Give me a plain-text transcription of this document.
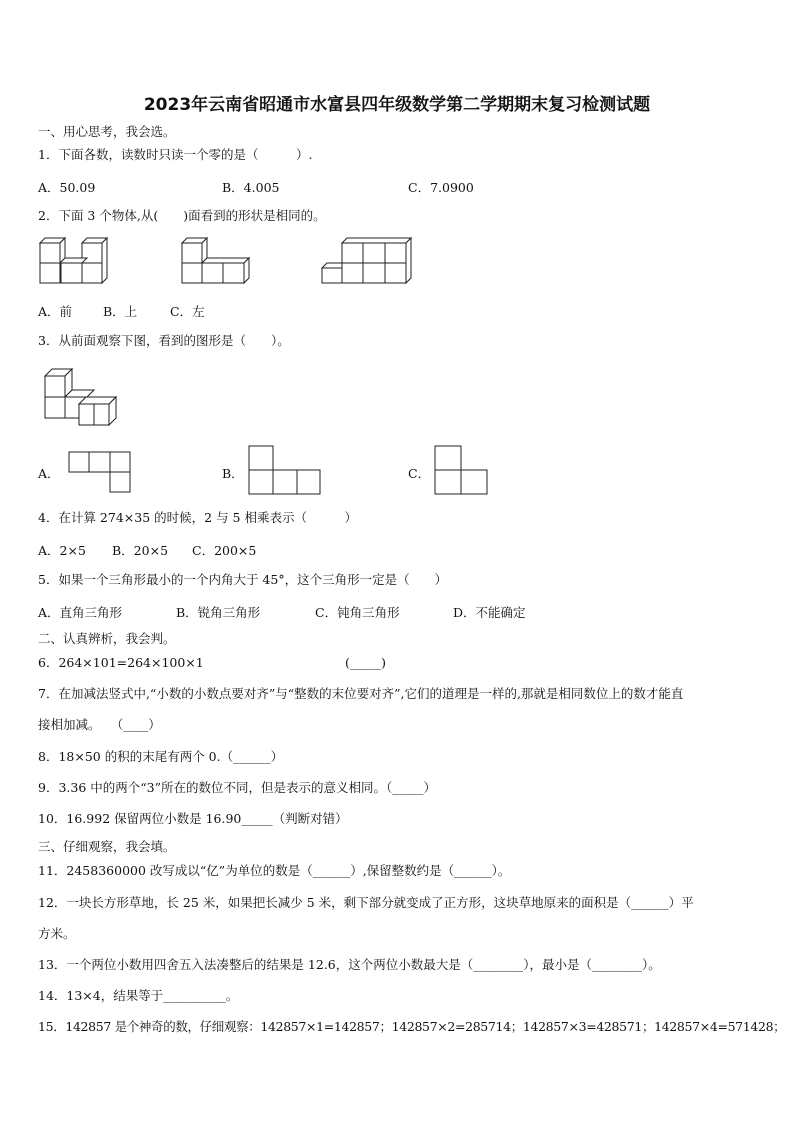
2023年云南省昭通市水富县四年级数学第二学期期末复习检测试题
一、用心思考，我会选。
1．下面各数，读数时只读一个零的是（　　　）.
A．50.09	B．4.005	C．7.0900
2．下面 3 个物体,从(　　)面看到的形状是相同的。
A．前 B．上	C．左
3．从前面观察下图，看到的图形是（　　）。
A．	B．	C．
4．在计算 274×35 的时候，2 与 5 相乘表示（　　　）
A．2×5 B．20×5 C．200×5
5．如果一个三角形最小的一个内角大于 45°，这个三角形一定是（　　）
A．直角三角形	B．锐角三角形	C．钝角三角形	D．不能确定
二、认真辨析，我会判。
6．264×101=264×100×1	(_____)
7．在加减法竖式中,“小数的小数点要对齐”与“整数的末位要对齐”,它们的道理是一样的,那就是相同数位上的数才能直
接相加减。　 （____）
8．18×50 的积的末尾有两个 0.（______）
9．3.36 中的两个“3”所在的数位不同，但是表示的意义相同。（_____）
10．16.992 保留两位小数是 16.90_____（判断对错）
三、仔细观察，我会填。
11．2458360000 改写成以“亿”为单位的数是（______）,保留整数约是（______）。
12．一块长方形草地，长 25 米，如果把长减少 5 米，剩下部分就变成了正方形，这块草地原来的面积是（______）平
方米。
13．一个两位小数用四舍五入法凑整后的结果是 12.6，这个两位小数最大是（________），最小是（________）。
14．13×4，结果等于__________。
15．142857 是个神奇的数，仔细观察：142857×1=142857；142857×2=285714；142857×3=428571；142857×4=571428；
